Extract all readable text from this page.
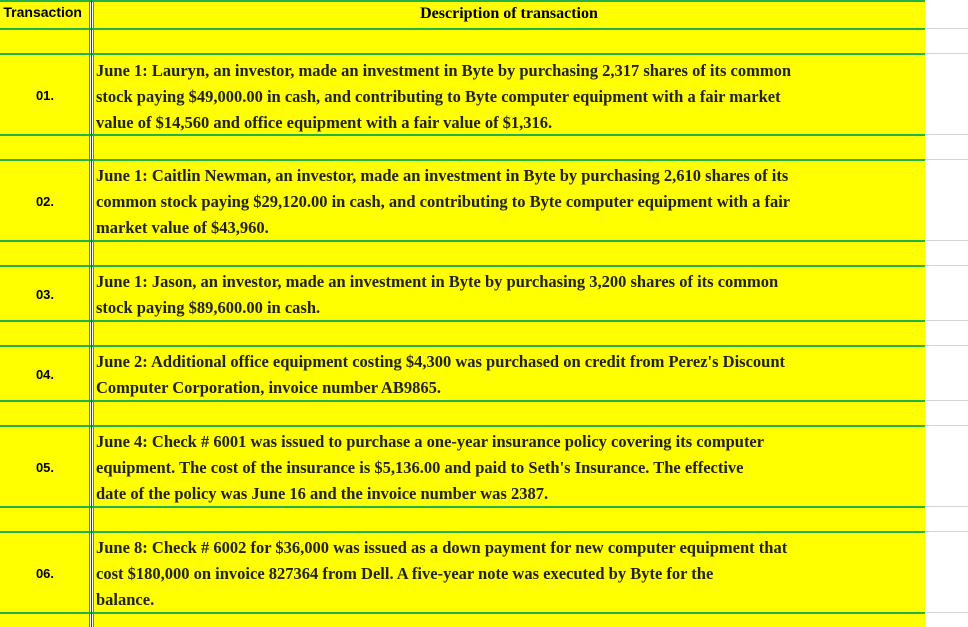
Transaction	Description of transaction
01.
June 1: Lauryn, an investor, made an investment in Byte by purchasing 2,317 shares of its common
stock paying $49,000.00 in cash, and contributing to Byte computer equipment with a fair market
value of $14,560 and office equipment with a fair value of $1,316.
02.
June 1: Caitlin Newman, an investor, made an investment in Byte by purchasing 2,610 shares of its
common stock paying $29,120.00 in cash, and contributing to Byte computer equipment with a fair
market value of $43,960.
03.
June 1: Jason, an investor, made an investment in Byte by purchasing 3,200 shares of its common
stock paying $89,600.00 in cash.
04.
June 2: Additional office equipment costing $4,300 was purchased on credit from Perez's Discount
Computer Corporation, invoice number AB9865.
05.
June 4: Check # 6001 was issued to purchase a one-year insurance policy covering its computer
equipment. The cost of the insurance is $5,136.00 and paid to Seth's Insurance. The effective
date of the policy was June 16 and the invoice number was 2387.
06.
June 8: Check # 6002 for $36,000 was issued as a down payment for new computer equipment that
cost $180,000 on invoice 827364 from Dell. A five-year note was executed by Byte for the
balance.
